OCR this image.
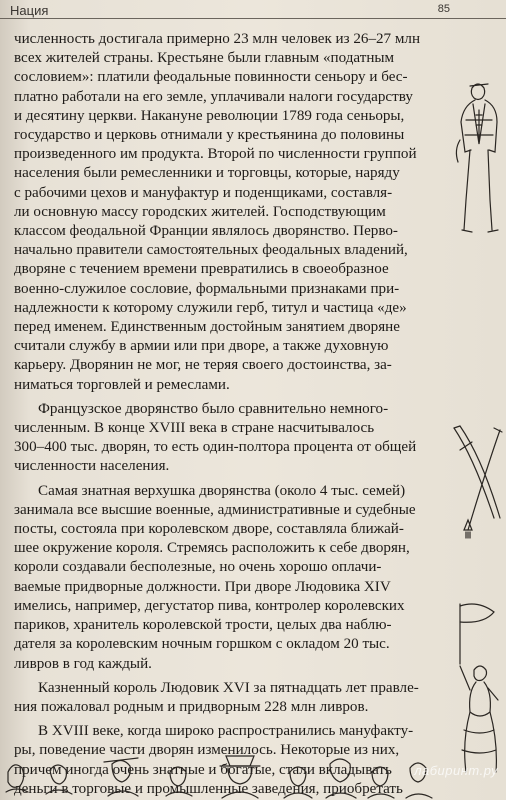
Нация	85

численность достигала примерно 23 млн человек из 26–27 млн
всех жителей страны. Крестьяне были главным «податным
сословием»: платили феодальные повинности сеньору и бес-
платно работали на его земле, уплачивали налоги государству
и десятину церкви. Накануне революции 1789 года сеньоры,
государство и церковь отнимали у крестьянина до половины
произведенного им продукта. Второй по численности группой
населения были ремесленники и торговцы, которые, наряду
с рабочими цехов и мануфактур и поденщиками, составля-
ли основную массу городских жителей. Господствующим
классом феодальной Франции являлось дворянство. Перво-
начально правители самостоятельных феодальных владений,
дворяне с течением времени превратились в своеобразное
военно-служилое сословие, формальными признаками при-
надлежности к которому служили герб, титул и частица «де»
перед именем. Единственным достойным занятием дворяне
считали службу в армии или при дворе, а также духовную
карьеру. Дворянин не мог, не теряя своего достоинства, за-
ниматься торговлей и ремеслами.

Французское дворянство было сравнительно немного-
численным. В конце XVIII века в стране насчитывалось
300–400 тыс. дворян, то есть один-полтора процента от общей
численности населения.

Самая знатная верхушка дворянства (около 4 тыс. семей)
занимала все высшие военные, административные и судебные
посты, состояла при королевском дворе, составляла ближай-
шее окружение короля. Стремясь расположить к себе дворян,
короли создавали бесполезные, но очень хорошо оплачи-
ваемые придворные должности. При дворе Людовика XIV
имелись, например, дегустатор пива, контролер королевских
париков, хранитель королевской трости, целых два наблю-
дателя за королевским ночным горшком с окладом 20 тыс.
ливров в год каждый.

Казненный король Людовик XVI за пятнадцать лет правле-
ния пожаловал родным и придворным 228 млн ливров.

В XVIII веке, когда широко распространились мануфакту-
ры, поведение части дворян изменилось. Некоторые из них,
причем иногда очень знатные и богатые, стали вкладывать
деньги в торговые и промышленные заведения, приобретать

лабиринт.ру
